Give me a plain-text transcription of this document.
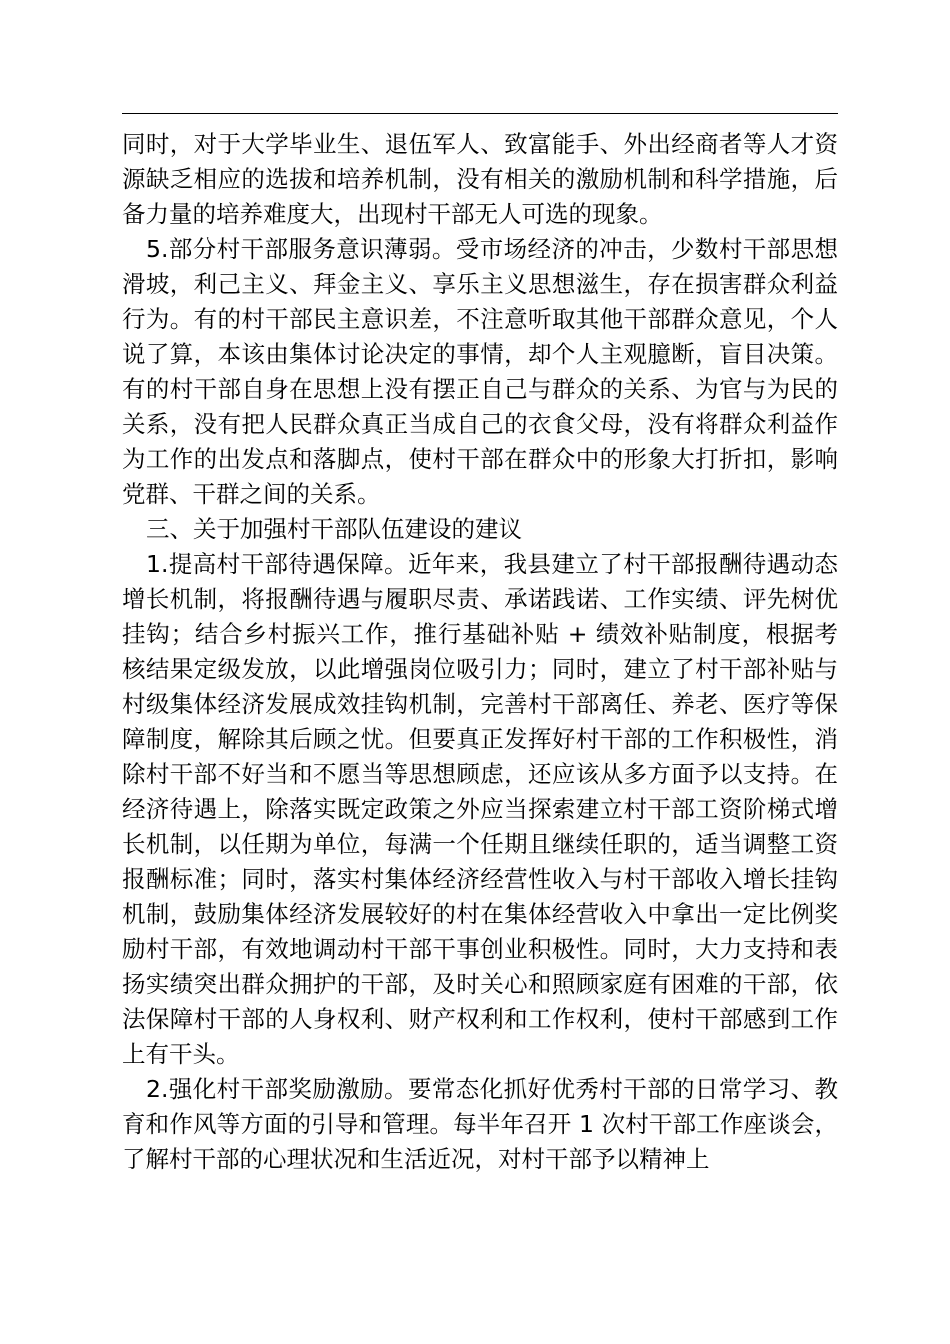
同时，对于大学毕业生、退伍军人、致富能手、外出经商者等人才资源缺乏相应的选拔和培养机制，没有相关的激励机制和科学措施，后备力量的培养难度大，出现村干部无人可选的现象。

5.部分村干部服务意识薄弱。受市场经济的冲击，少数村干部思想滑坡，利己主义、拜金主义、享乐主义思想滋生，存在损害群众利益行为。有的村干部民主意识差，不注意听取其他干部群众意见，个人说了算，本该由集体讨论决定的事情，却个人主观臆断，盲目决策。有的村干部自身在思想上没有摆正自己与群众的关系、为官与为民的关系，没有把人民群众真正当成自己的衣食父母，没有将群众利益作为工作的出发点和落脚点，使村干部在群众中的形象大打折扣，影响党群、干群之间的关系。

三、关于加强村干部队伍建设的建议

1.提高村干部待遇保障。近年来，我县建立了村干部报酬待遇动态增长机制，将报酬待遇与履职尽责、承诺践诺、工作实绩、评先树优挂钩；结合乡村振兴工作，推行基础补贴 + 绩效补贴制度，根据考核结果定级发放，以此增强岗位吸引力；同时，建立了村干部补贴与村级集体经济发展成效挂钩机制，完善村干部离任、养老、医疗等保障制度，解除其后顾之忧。但要真正发挥好村干部的工作积极性，消除村干部不好当和不愿当等思想顾虑，还应该从多方面予以支持。在经济待遇上，除落实既定政策之外应当探索建立村干部工资阶梯式增长机制，以任期为单位，每满一个任期且继续任职的，适当调整工资报酬标准；同时，落实村集体经济经营性收入与村干部收入增长挂钩机制，鼓励集体经济发展较好的村在集体经营收入中拿出一定比例奖励村干部，有效地调动村干部干事创业积极性。同时，大力支持和表扬实绩突出群众拥护的干部，及时关心和照顾家庭有困难的干部，依法保障村干部的人身权利、财产权利和工作权利，使村干部感到工作上有干头。

2.强化村干部奖励激励。要常态化抓好优秀村干部的日常学习、教育和作风等方面的引导和管理。每半年召开 1 次村干部工作座谈会，了解村干部的心理状况和生活近况，对村干部予以精神上
